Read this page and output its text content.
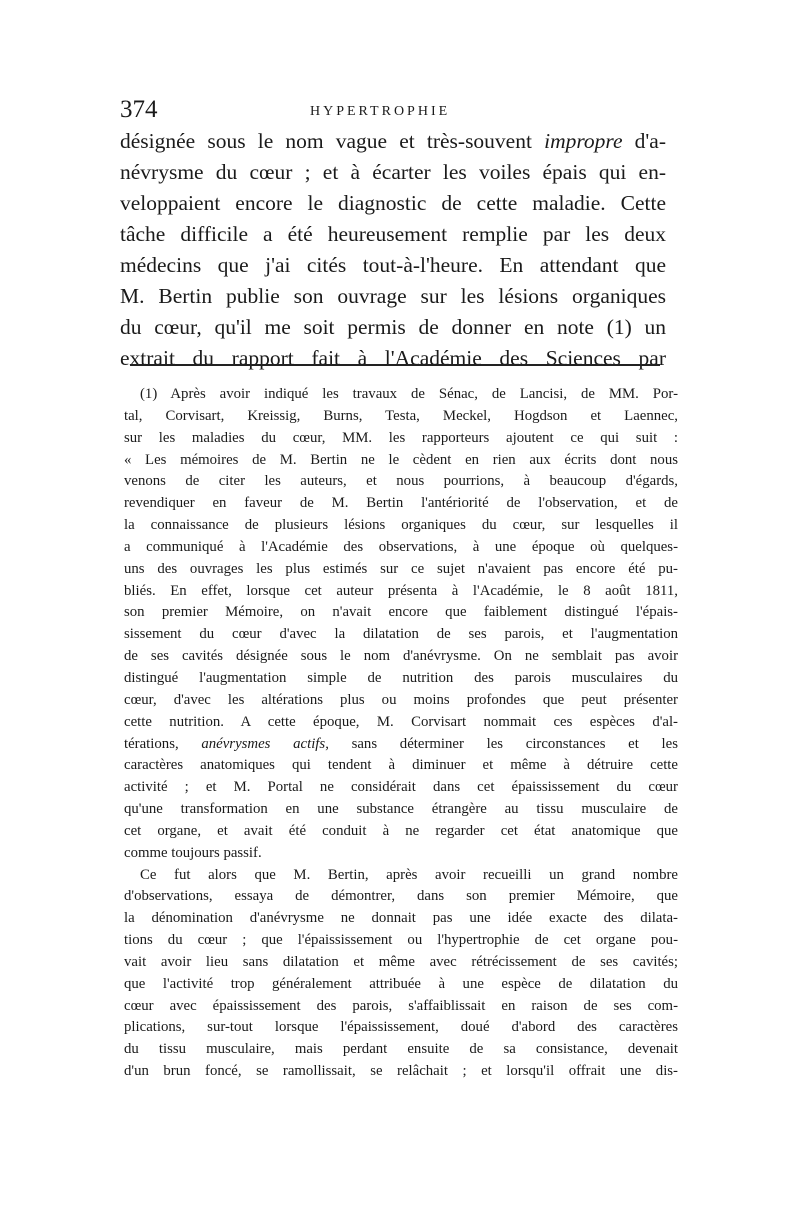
374	HYPERTROPHIE
désignée sous le nom vague et très-souvent impropre d'a-
névrysme du cœur ; et à écarter les voiles épais qui en-
veloppaient encore le diagnostic de cette maladie. Cette
tâche difficile a été heureusement remplie par les deux
médecins que j'ai cités tout-à-l'heure. En attendant que
M. Bertin publie son ouvrage sur les lésions organiques
du cœur, qu'il me soit permis de donner en note (1) un
extrait du rapport fait à l'Académie des Sciences par
(1) Après avoir indiqué les travaux de Sénac, de Lancisi, de MM. Por-
tal, Corvisart, Kreissig, Burns, Testa, Meckel, Hogdson et Laennec,
sur les maladies du cœur, MM. les rapporteurs ajoutent ce qui suit :
« Les mémoires de M. Bertin ne le cèdent en rien aux écrits dont nous
venons de citer les auteurs, et nous pourrions, à beaucoup d'égards,
revendiquer en faveur de M. Bertin l'antériorité de l'observation, et de
la connaissance de plusieurs lésions organiques du cœur, sur lesquelles il
a communiqué à l'Académie des observations, à une époque où quelques-
uns des ouvrages les plus estimés sur ce sujet n'avaient pas encore été pu-
bliés. En effet, lorsque cet auteur présenta à l'Académie, le 8 août 1811,
son premier Mémoire, on n'avait encore que faiblement distingué l'épais-
sissement du cœur d'avec la dilatation de ses parois, et l'augmentation
de ses cavités désignée sous le nom d'anévrysme. On ne semblait pas avoir
distingué l'augmentation simple de nutrition des parois musculaires du
cœur, d'avec les altérations plus ou moins profondes que peut présenter
cette nutrition. A cette époque, M. Corvisart nommait ces espèces d'al-
térations, anévrysmes actifs, sans déterminer les circonstances et les
caractères anatomiques qui tendent à diminuer et même à détruire cette
activité ; et M. Portal ne considérait dans cet épaississement du cœur
qu'une transformation en une substance étrangère au tissu musculaire de
cet organe, et avait été conduit à ne regarder cet état anatomique que
comme toujours passif.
Ce fut alors que M. Bertin, après avoir recueilli un grand nombre
d'observations, essaya de démontrer, dans son premier Mémoire, que
la dénomination d'anévrysme ne donnait pas une idée exacte des dilata-
tions du cœur ; que l'épaississement ou l'hypertrophie de cet organe pou-
vait avoir lieu sans dilatation et même avec rétrécissement de ses cavités;
que l'activité trop généralement attribuée à une espèce de dilatation du
cœur avec épaississement des parois, s'affaiblissait en raison de ses com-
plications, sur-tout lorsque l'épaississement, doué d'abord des caractères
du tissu musculaire, mais perdant ensuite de sa consistance, devenait
d'un brun foncé, se ramollissait, se relâchait ; et lorsqu'il offrait une dis-
